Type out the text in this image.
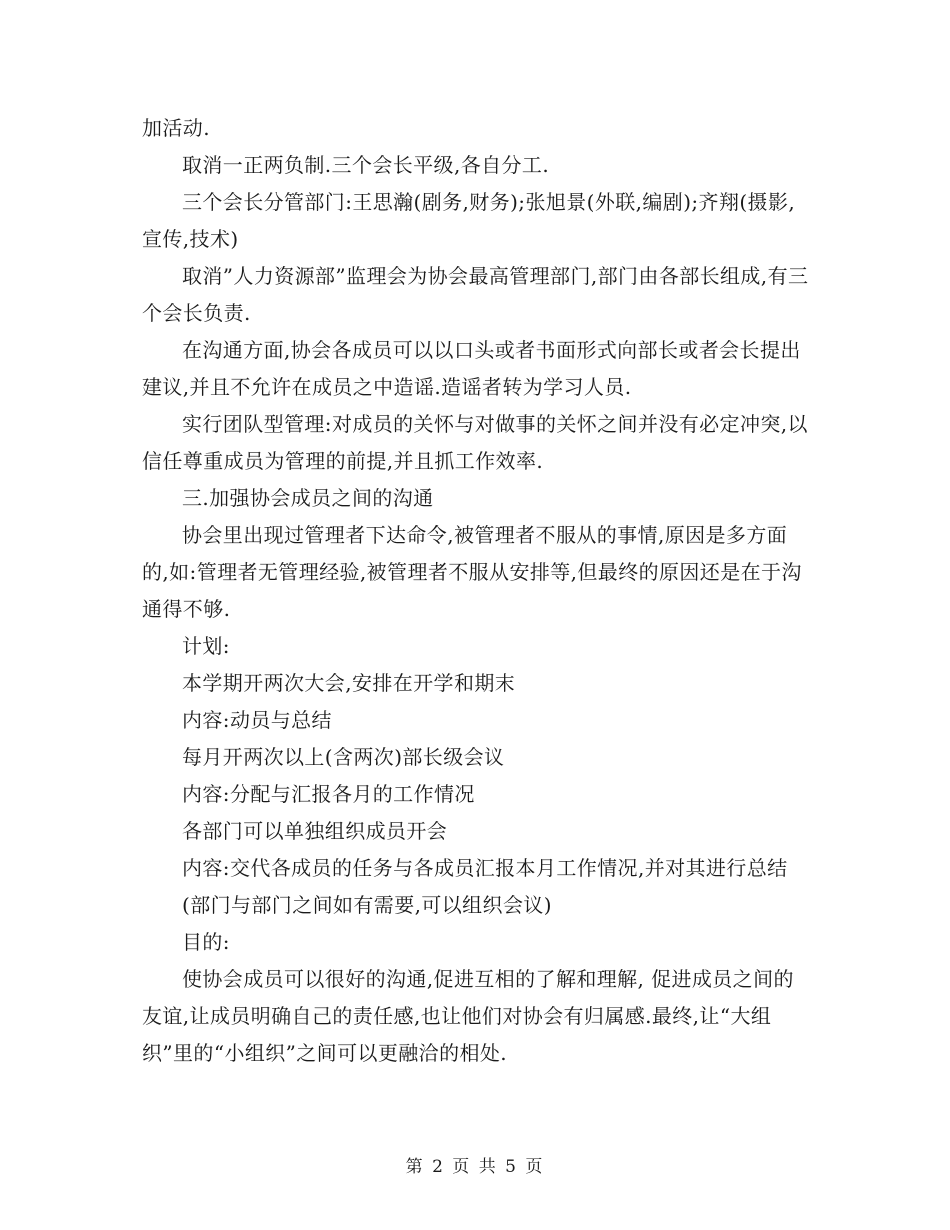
加活动.

取消一正两负制.三个会长平级,各自分工.

三个会长分管部门:王思瀚(剧务,财务);张旭景(外联,编剧);齐翔(摄影,宣传,技术)

取消”人力资源部”监理会为协会最高管理部门,部门由各部长组成,有三个会长负责.

在沟通方面,协会各成员可以以口头或者书面形式向部长或者会长提出建议,并且不允许在成员之中造谣.造谣者转为学习人员.

实行团队型管理:对成员的关怀与对做事的关怀之间并没有必定冲突,以信任尊重成员为管理的前提,并且抓工作效率.

三.加强协会成员之间的沟通

协会里出现过管理者下达命令,被管理者不服从的事情,原因是多方面的,如:管理者无管理经验,被管理者不服从安排等,但最终的原因还是在于沟通得不够.

计划:

本学期开两次大会,安排在开学和期末

内容:动员与总结

每月开两次以上(含两次)部长级会议

内容:分配与汇报各月的工作情况

各部门可以单独组织成员开会

内容:交代各成员的任务与各成员汇报本月工作情况,并对其进行总结

(部门与部门之间如有需要,可以组织会议)

目的:

使协会成员可以很好的沟通,促进互相的了解和理解, 促进成员之间的友谊,让成员明确自己的责任感,也让他们对协会有归属感.最终,让“大组织”里的“小组织”之间可以更融洽的相处.

第 2 页 共 5 页
